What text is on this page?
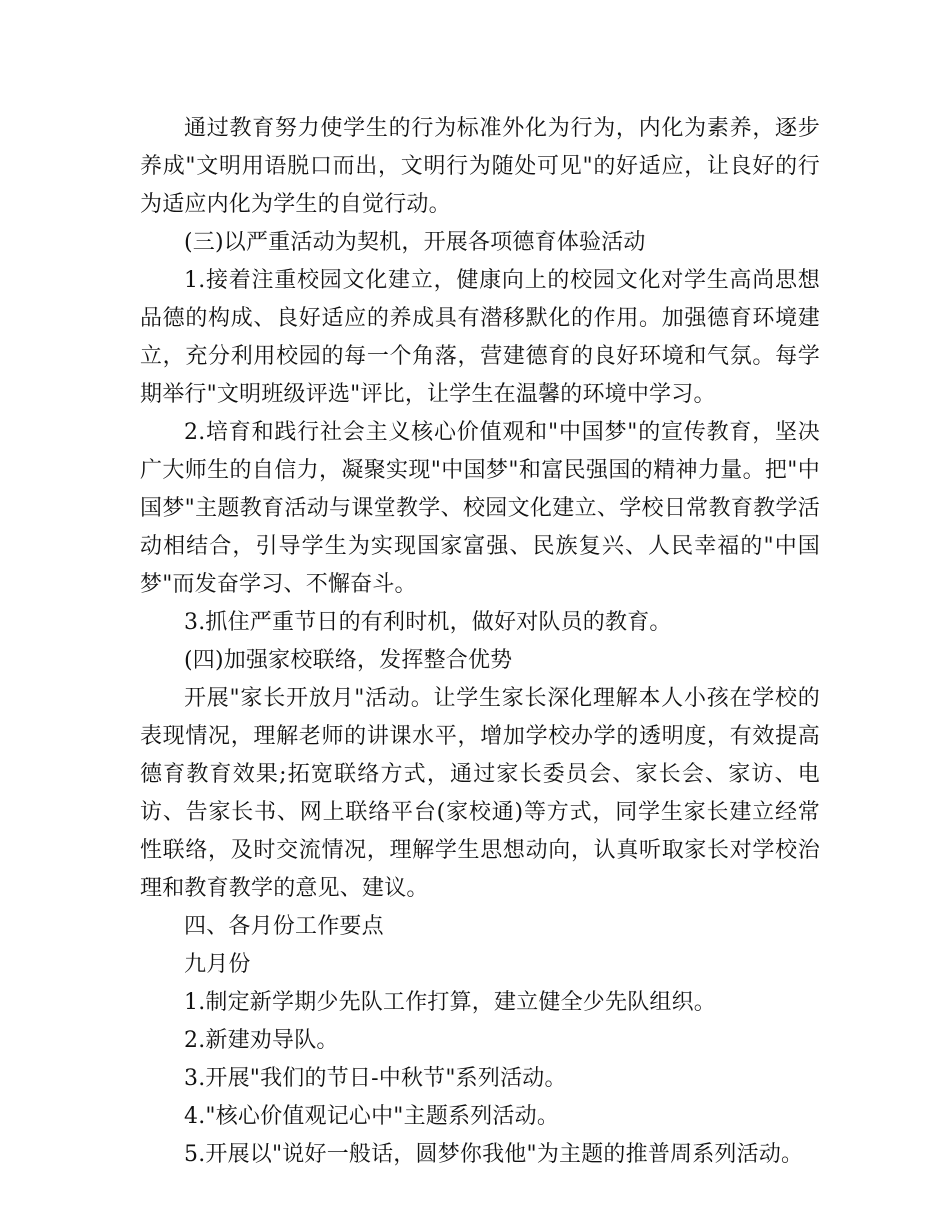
通过教育努力使学生的行为标准外化为行为，内化为素养，逐步养成"文明用语脱口而出，文明行为随处可见"的好适应，让良好的行为适应内化为学生的自觉行动。

(三)以严重活动为契机，开展各项德育体验活动

1.接着注重校园文化建立，健康向上的校园文化对学生高尚思想品德的构成、良好适应的养成具有潜移默化的作用。加强德育环境建立，充分利用校园的每一个角落，营建德育的良好环境和气氛。每学期举行"文明班级评选"评比，让学生在温馨的环境中学习。

2.培育和践行社会主义核心价值观和"中国梦"的宣传教育，坚决广大师生的自信力，凝聚实现"中国梦"和富民强国的精神力量。把"中国梦"主题教育活动与课堂教学、校园文化建立、学校日常教育教学活动相结合，引导学生为实现国家富强、民族复兴、人民幸福的"中国梦"而发奋学习、不懈奋斗。

3.抓住严重节日的有利时机，做好对队员的教育。

(四)加强家校联络，发挥整合优势

开展"家长开放月"活动。让学生家长深化理解本人小孩在学校的表现情况，理解老师的讲课水平，增加学校办学的透明度，有效提高德育教育效果;拓宽联络方式，通过家长委员会、家长会、家访、电访、告家长书、网上联络平台(家校通)等方式，同学生家长建立经常性联络，及时交流情况，理解学生思想动向，认真听取家长对学校治理和教育教学的意见、建议。

四、各月份工作要点

九月份

1.制定新学期少先队工作打算，建立健全少先队组织。

2.新建劝导队。

3.开展"我们的节日-中秋节"系列活动。

4."核心价值观记心中"主题系列活动。

5.开展以"说好一般话，圆梦你我他"为主题的推普周系列活动。
